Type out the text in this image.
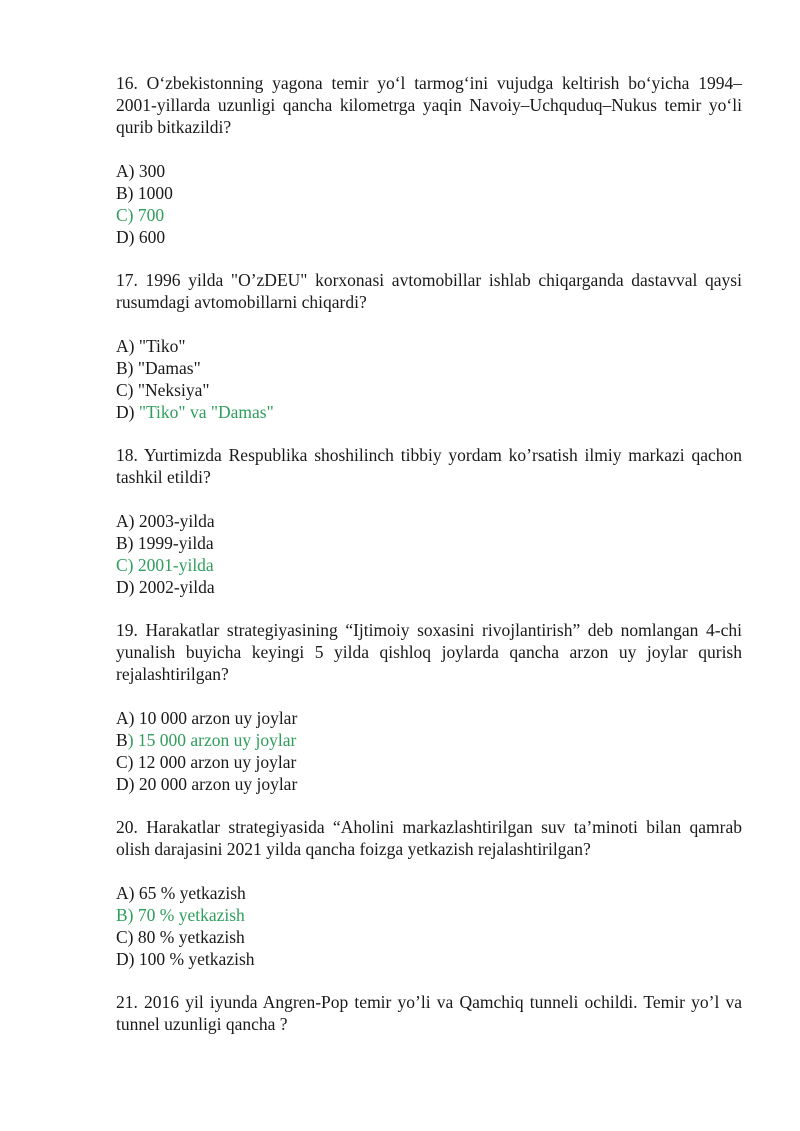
16. O‘zbekistonning yagona temir yo‘l tarmog‘ini vujudga keltirish bo‘yicha 1994–2001-yillarda uzunligi qancha kilometrga yaqin Navoiy–Uchquduq–Nukus temir yo‘li qurib bitkazildi?

A) 300
B) 1000
C) 700
D) 600

17. 1996 yilda "O’zDEU" korxonasi avtomobillar ishlab chiqarganda dastavval qaysi rusumdagi avtomobillarni chiqardi?

A) "Tiko"
B) "Damas"
C) "Neksiya"
D) "Tiko" va "Damas"

18. Yurtimizda Respublika shoshilinch tibbiy yordam ko’rsatish ilmiy markazi qachon tashkil etildi?

A) 2003-yilda
B) 1999-yilda
C) 2001-yilda
D) 2002-yilda

19. Harakatlar strategiyasining “Ijtimoiy soxasini rivojlantirish” deb nomlangan 4-chi yunalish buyicha keyingi 5 yilda qishloq joylarda qancha arzon uy joylar qurish rejalashtirilgan?

A) 10 000 arzon uy joylar
B) 15 000 arzon uy joylar
C) 12 000 arzon uy joylar
D) 20 000 arzon uy joylar

20. Harakatlar strategiyasida “Aholini markazlashtirilgan suv ta’minoti bilan qamrab olish darajasini 2021 yilda qancha foizga yetkazish rejalashtirilgan?

A) 65 % yetkazish
B) 70 % yetkazish
C) 80 % yetkazish
D) 100 % yetkazish

21. 2016 yil iyunda Angren-Pop temir yo’li va Qamchiq tunneli ochildi. Temir yo’l va tunnel uzunligi qancha ?
